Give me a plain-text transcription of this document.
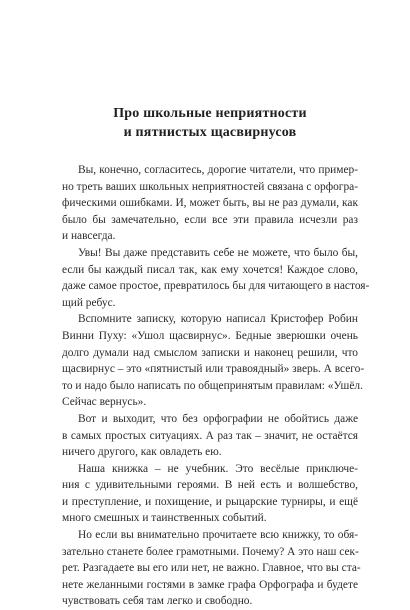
Про школьные неприятности
и пятнистых щасвирнусов

Вы, конечно, согласитесь, дорогие читатели, что пример-
но треть ваших школьных неприятностей связана с орфогра-
фическими ошибками. И, может быть, вы не раз думали, как
было бы замечательно, если все эти правила исчезли раз
и навсегда.

Увы! Вы даже представить себе не можете, что было бы,
если бы каждый писал так, как ему хочется! Каждое слово,
даже самое простое, превратилось бы для читающего в настоя-
щий ребус.

Вспомните записку, которую написал Кристофер Робин
Винни Пуху: «Ушол щасвирнус». Бедные зверюшки очень
долго думали над смыслом записки и наконец решили, что
щасвирнус – это «пятнистый или травоядный» зверь. А всего-
то и надо было написать по общепринятым правилам: «Ушёл.
Сейчас вернусь».

Вот и выходит, что без орфографии не обойтись даже
в самых простых ситуациях. А раз так – значит, не остаётся
ничего другого, как овладеть ею.

Наша книжка – не учебник. Это весёлые приключе-
ния с удивительными героями. В ней есть и волшебство,
и преступление, и похищение, и рыцарские турниры, и ещё
много смешных и таинственных событий.

Но если вы внимательно прочитаете всю книжку, то обя-
зательно станете более грамотными. Почему? А это наш сек-
рет. Разгадаете вы его или нет, не важно. Главное, что вы ста-
нете желанными гостями в замке графа Орфографа и будете
чувствовать себя там легко и свободно.
